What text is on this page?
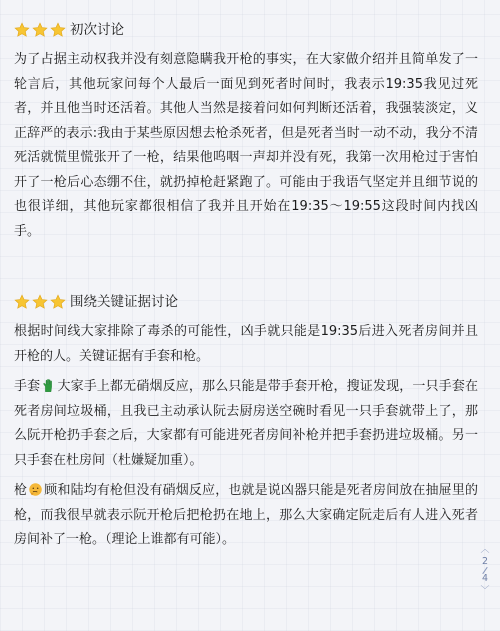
初次讨论

为了占据主动权我并没有刻意隐瞒我开枪的事实，在大家做介绍并且简单发了一轮言后，其他玩家问每个人最后一面见到死者时间时，我表示19:35我见过死者，并且他当时还活着。其他人当然是接着问如何判断还活着，我强装淡定，义正辞严的表示:我由于某些原因想去枪杀死者，但是死者当时一动不动，我分不清死活就慌里慌张开了一枪，结果他呜咽一声却并没有死，我第一次用枪过于害怕开了一枪后心态绷不住，就扔掉枪赶紧跑了。可能由于我语气坚定并且细节说的也很详细，其他玩家都很相信了我并且开始在19:35～19:55这段时间内找凶手。

围绕关键证据讨论

根据时间线大家排除了毒杀的可能性，凶手就只能是19:35后进入死者房间并且开枪的人。关键证据有手套和枪。

手套 大家手上都无硝烟反应，那么只能是带手套开枪，搜证发现，一只手套在死者房间垃圾桶，且我已主动承认阮去厨房送空碗时看见一只手套就带上了，那么阮开枪扔手套之后，大家都有可能进死者房间补枪并把手套扔进垃圾桶。另一只手套在杜房间（杜嫌疑加重）。

枪 顾和陆均有枪但没有硝烟反应，也就是说凶器只能是死者房间放在抽屉里的枪，而我很早就表示阮开枪后把枪扔在地上，那么大家确定阮走后有人进入死者房间补了一枪。（理论上谁都有可能）。

︿
2
4
﹀
